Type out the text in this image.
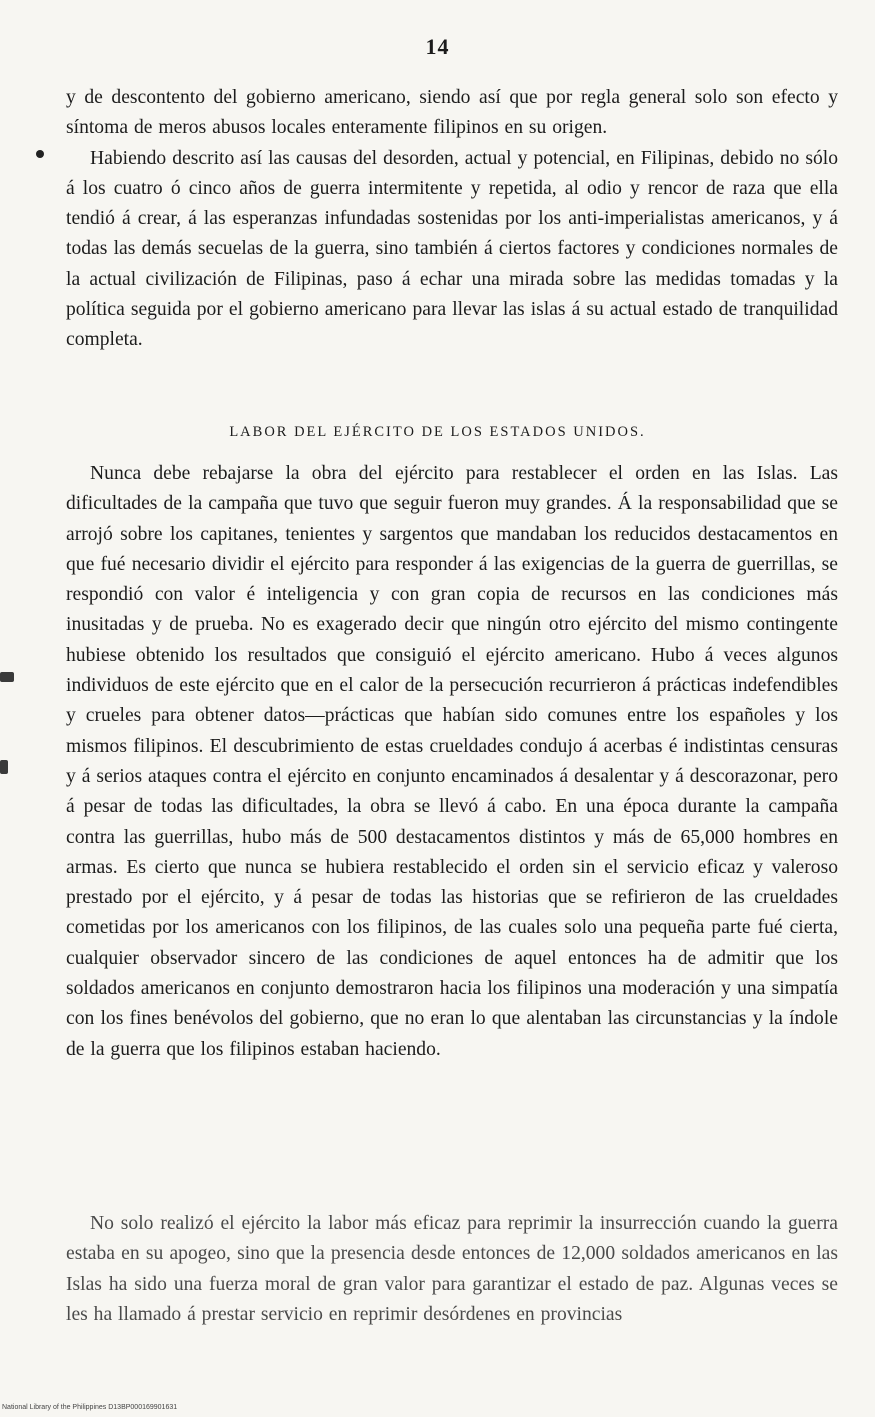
14

y de descontento del gobierno americano, siendo así que por regla general solo son efecto y síntoma de meros abusos locales enteramente filipinos en su origen.

Habiendo descrito así las causas del desorden, actual y potencial, en Filipinas, debido no sólo á los cuatro ó cinco años de guerra intermitente y repetida, al odio y rencor de raza que ella tendió á crear, á las esperanzas infundadas sostenidas por los anti-imperialistas americanos, y á todas las demás secuelas de la guerra, sino también á ciertos factores y condiciones normales de la actual civilización de Filipinas, paso á echar una mirada sobre las medidas tomadas y la política seguida por el gobierno americano para llevar las islas á su actual estado de tranquilidad completa.

LABOR DEL EJÉRCITO DE LOS ESTADOS UNIDOS.

Nunca debe rebajarse la obra del ejército para restablecer el orden en las Islas. Las dificultades de la campaña que tuvo que seguir fueron muy grandes. Á la responsabilidad que se arrojó sobre los capitanes, tenientes y sargentos que mandaban los reducidos destacamentos en que fué necesario dividir el ejército para responder á las exigencias de la guerra de guerrillas, se respondió con valor é inteligencia y con gran copia de recursos en las condiciones más inusitadas y de prueba. No es exagerado decir que ningún otro ejército del mismo contingente hubiese obtenido los resultados que consiguió el ejército americano. Hubo á veces algunos individuos de este ejército que en el calor de la persecución recurrieron á prácticas indefendibles y crueles para obtener datos—prácticas que habían sido comunes entre los españoles y los mismos filipinos. El descubrimiento de estas crueldades condujo á acerbas é indistintas censuras y á serios ataques contra el ejército en conjunto encaminados á desalentar y á descorazonar, pero á pesar de todas las dificultades, la obra se llevó á cabo. En una época durante la campaña contra las guerrillas, hubo más de 500 destacamentos distintos y más de 65,000 hombres en armas. Es cierto que nunca se hubiera restablecido el orden sin el servicio eficaz y valeroso prestado por el ejército, y á pesar de todas las historias que se refirieron de las crueldades cometidas por los americanos con los filipinos, de las cuales solo una pequeña parte fué cierta, cualquier observador sincero de las condiciones de aquel entonces ha de admitir que los soldados americanos en conjunto demostraron hacia los filipinos una moderación y una simpatía con los fines benévolos del gobierno, que no eran lo que alentaban las circunstancias y la índole de la guerra que los filipinos estaban haciendo.

No solo realizó el ejército la labor más eficaz para reprimir la insurrección cuando la guerra estaba en su apogeo, sino que la presencia desde entonces de 12,000 soldados americanos en las Islas ha sido una fuerza moral de gran valor para garantizar el estado de paz. Algunas veces se les ha llamado á prestar servicio en reprimir desórdenes en provincias

National Library of the Philippines D13BP000169901631
